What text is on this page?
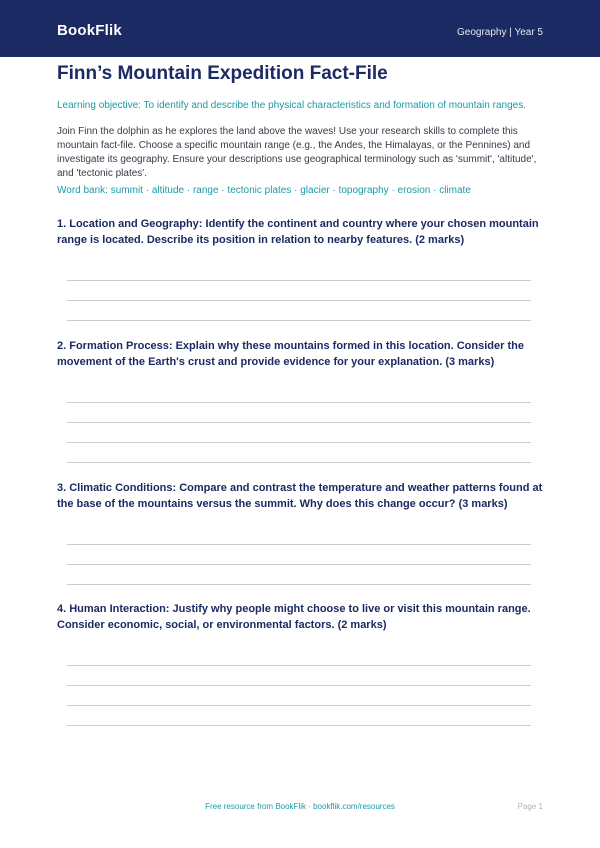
BookFlik	Geography | Year 5
Finn’s Mountain Expedition Fact-File
Learning objective: To identify and describe the physical characteristics and formation of mountain ranges.
Join Finn the dolphin as he explores the land above the waves! Use your research skills to complete this mountain fact-file. Choose a specific mountain range (e.g., the Andes, the Himalayas, or the Pennines) and investigate its geography. Ensure your descriptions use geographical terminology such as 'summit', 'altitude', and 'tectonic plates'.
Word bank: summit · altitude · range · tectonic plates · glacier · topography · erosion · climate
1. Location and Geography: Identify the continent and country where your chosen mountain range is located. Describe its position in relation to nearby features. (2 marks)
2. Formation Process: Explain why these mountains formed in this location. Consider the movement of the Earth's crust and provide evidence for your explanation. (3 marks)
3. Climatic Conditions: Compare and contrast the temperature and weather patterns found at the base of the mountains versus the summit. Why does this change occur? (3 marks)
4. Human Interaction: Justify why people might choose to live or visit this mountain range. Consider economic, social, or environmental factors. (2 marks)
Free resource from BookFlik · bookflik.com/resources	Page 1
